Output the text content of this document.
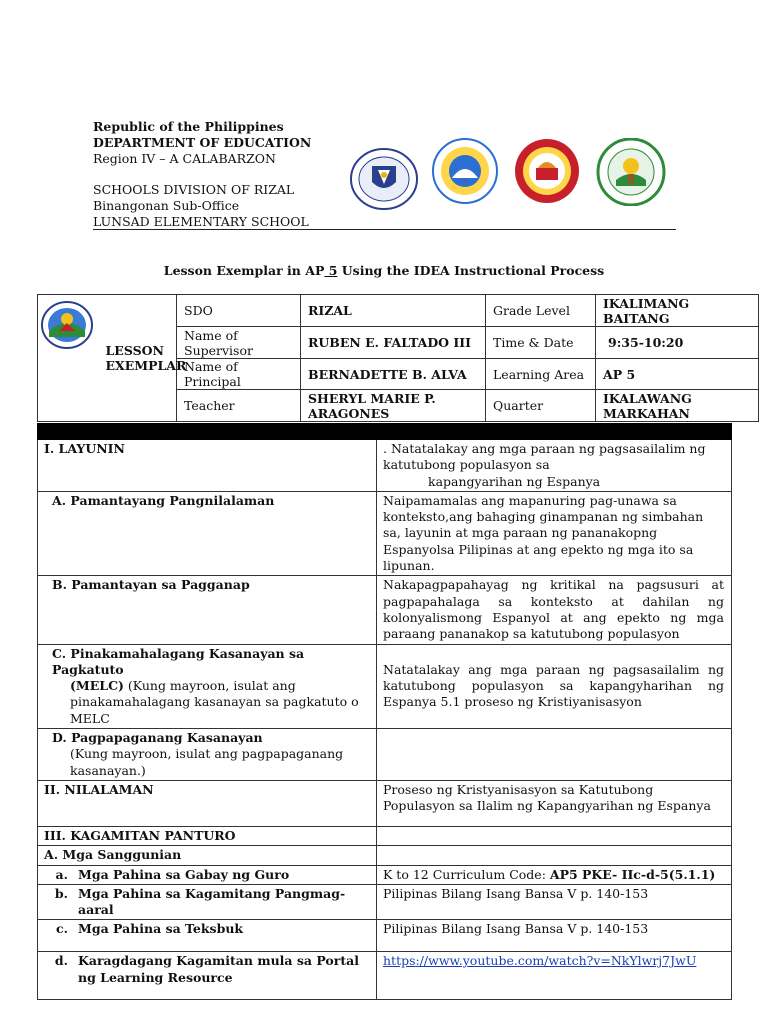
Republic of the Philippines
DEPARTMENT OF EDUCATION
Region IV – A CALABARZON
SCHOOLS DIVISION OF RIZAL
Binangonan Sub-Office
LUNSAD ELEMENTARY SCHOOL
~
Lesson Exemplar in AP 5 Using the IDEA Instructional Process
	LESSON EXEMPLAR	SDO	RIZAL	Grade Level	IKALIMANG BAITANG
		Name of Supervisor	RUBEN E. FALTADO III	Time & Date	9:35-10:20
		Name of Principal	BERNADETTE B. ALVA	Learning Area	AP 5
		Teacher	SHERYL MARIE P. ARAGONES	Quarter	IKALAWANG MARKAHAN

I. LAYUNIN	. Natatalakay ang mga paraan ng pagsasailalim ng
katutubong populasyon sa
kapangyarihan ng Espanya

A. Pamantayang Pangnilalaman	Naipamamalas ang mapanuring pag-unawa sa konteksto,ang bahaging ginampanan ng simbahan sa, layunin at mga paraan ng pananakopng Espanyolsa Pilipinas at ang epekto ng mga ito sa lipunan.
B. Pamantayan sa Pagganap	Nakapagpapahayag ng kritikal na pagsusuri at pagpapahalaga sa konteksto at dahilan ng kolonyalismong Espanyol at ang epekto ng mga paraang pananakop sa katutubong populasyon

C. Pinakamahalagang Kasanayan sa Pagkatuto
(MELC) (Kung mayroon, isulat ang pinakamahalagang kasanayan sa pagkatuto o MELC	Natatalakay ang mga paraan ng pagsasailalim ng katutubong populasyon sa kapangyharihan ng Espanya 5.1 proseso ng Kristiyanisasyon

D. Pagpapaganang Kasanayan
(Kung mayroon, isulat ang pagpapaganang kasanayan.)	

II. NILALAMAN	Proseso ng Kristyanisasyon sa Katutubong Populasyon sa Ilalim ng Kapangyarihan ng Espanya
III. KAGAMITAN PANTURO	
A. Mga Sanggunian	

a. Mga Pahina sa Gabay ng Guro	K to 12 Curriculum Code: AP5 PKE- IIc-d-5(5.1.1)

b. Mga Pahina sa Kagamitang Pangmag-aaral	Pilipinas Bilang Isang Bansa V p. 140-153

c. Mga Pahina sa Teksbuk	Pilipinas Bilang Isang Bansa V p. 140-153

d. Karagdagang Kagamitan mula sa Portal ng Learning Resource	https://www.youtube.com/watch?v=NkYlwrj7JwU
